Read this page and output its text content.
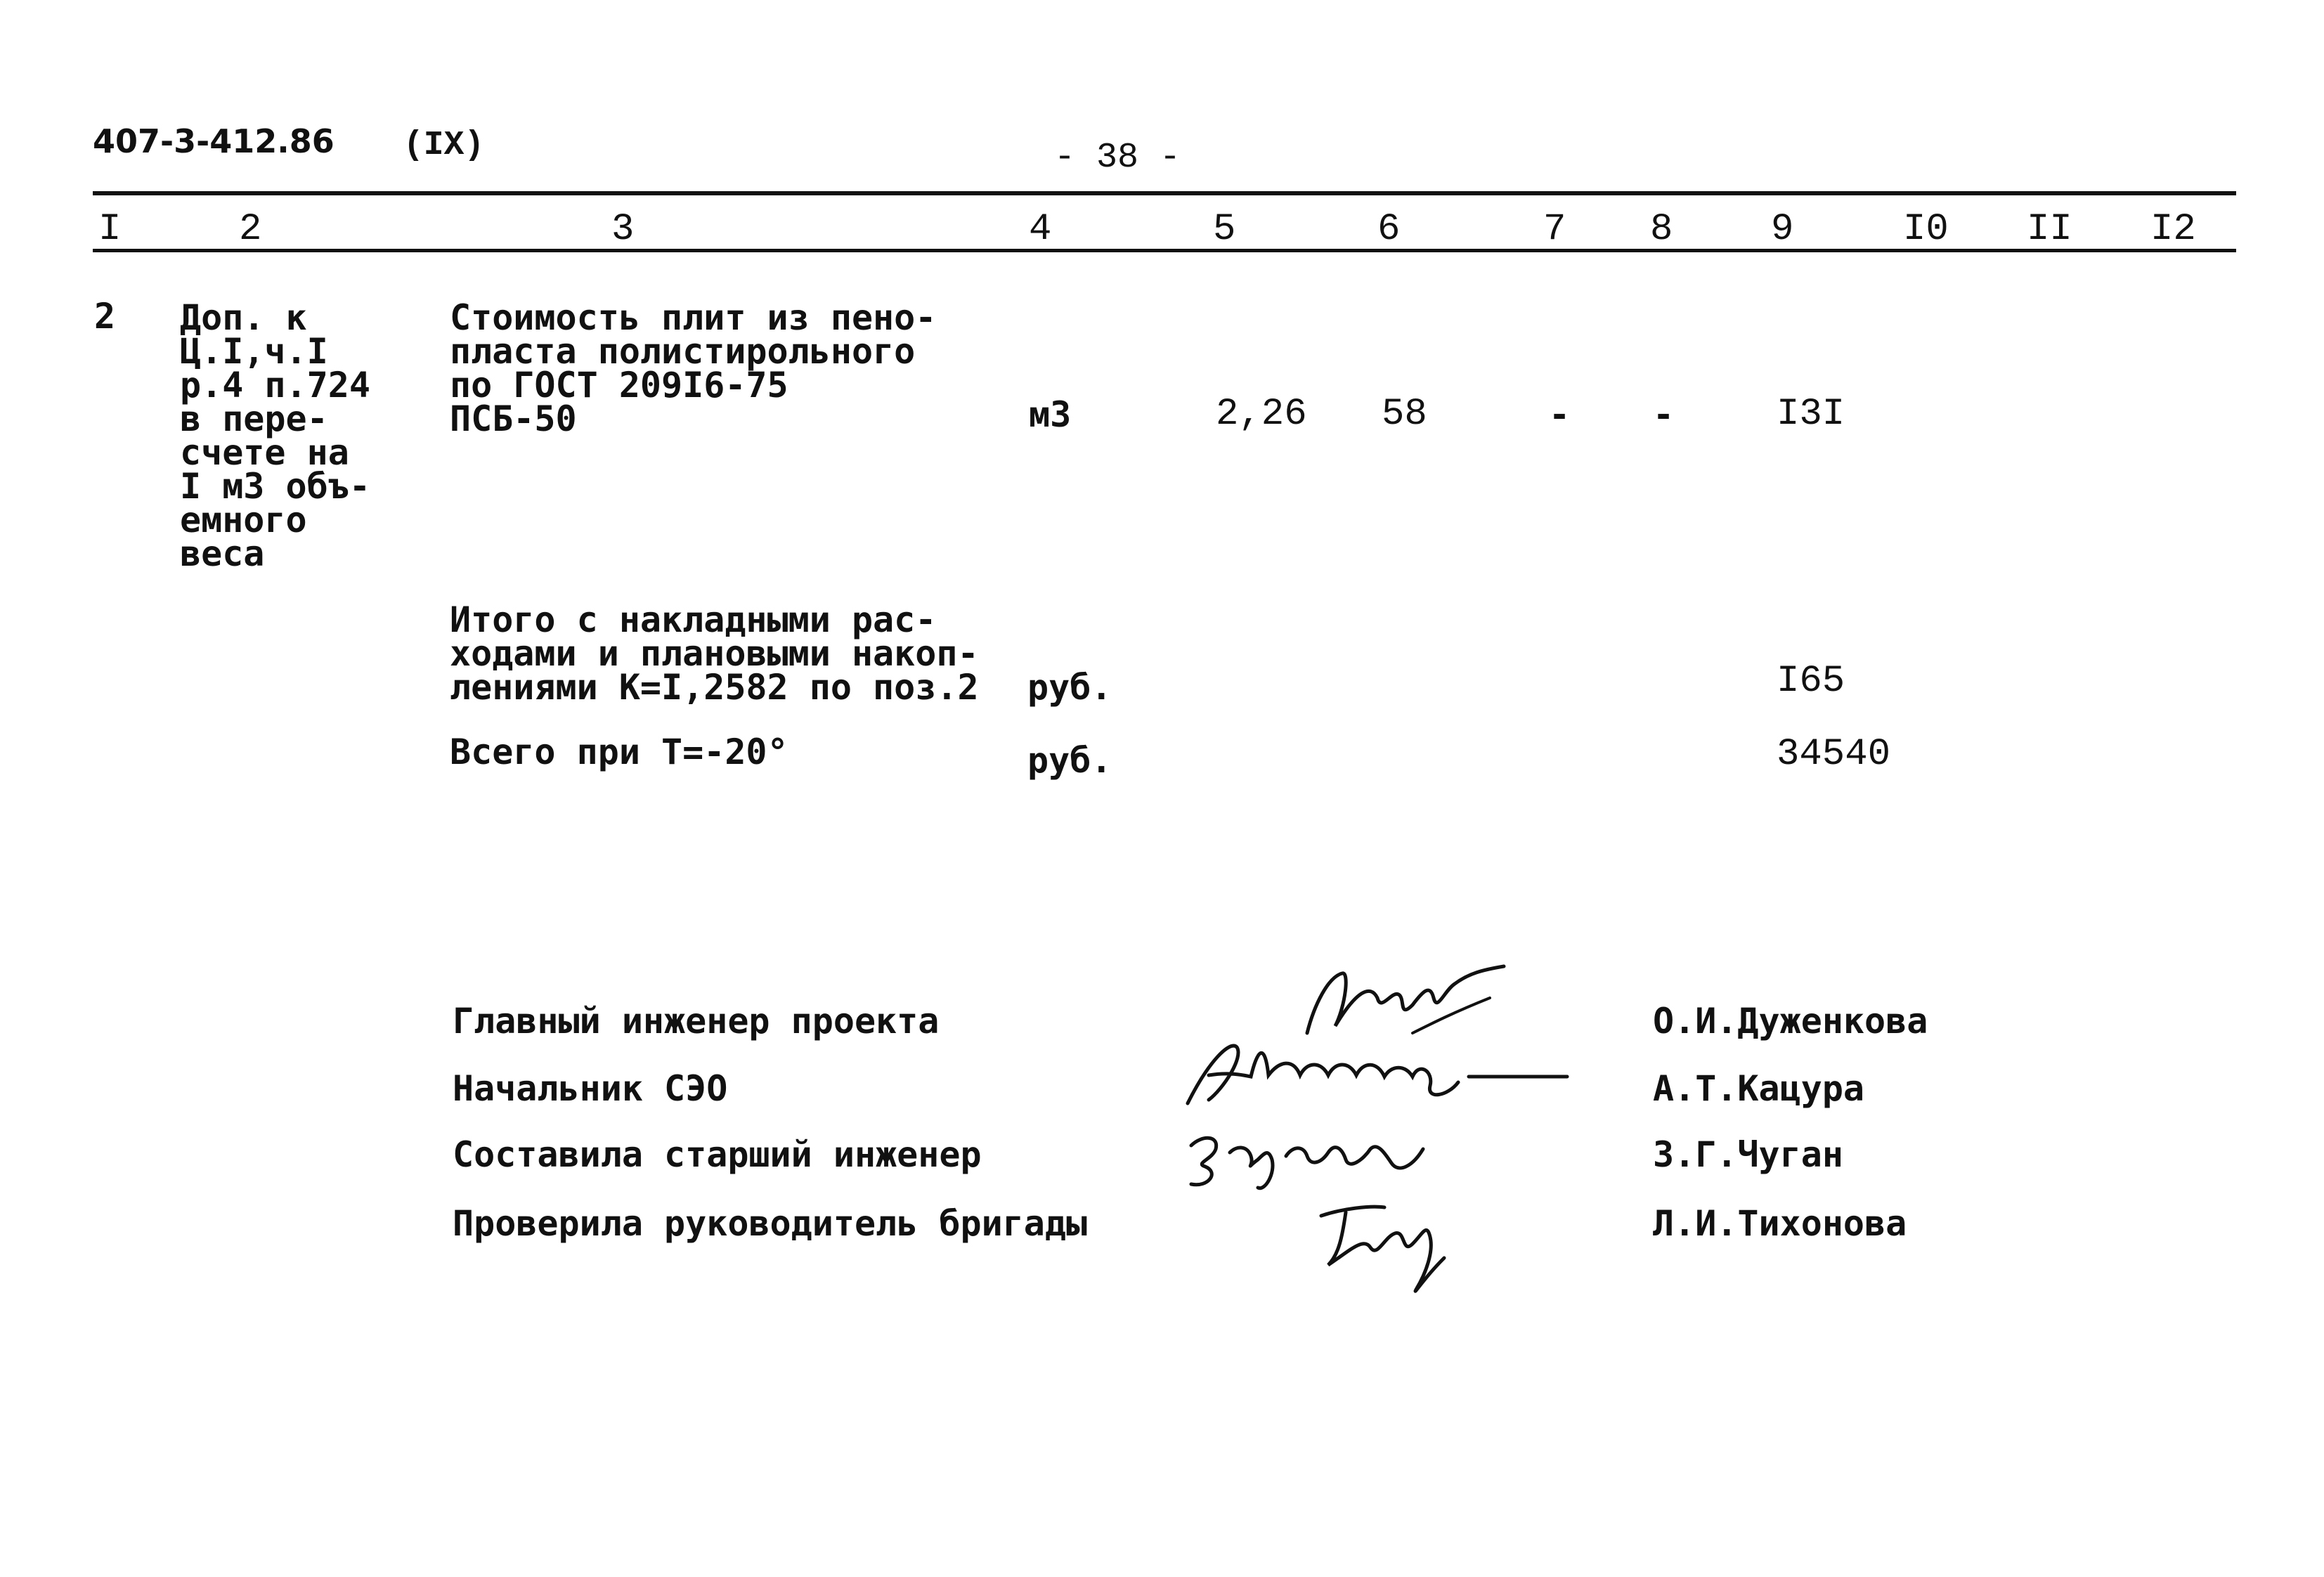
407-3-412.86 (IX)	- 38 -
I	2	3	4	5	6	7 8	9	I0 II I2
2 Доп. к
Ц.I,ч.I
р.4 п.724
в пере-
счете на
I м3 объ-
емного
веса
Стоимость плит из пено-
пласта полистирольного
по ГОСТ 209I6-75
ПСБ-50	м3	2,26 58	- -	I3I
Итого с накладными рас-
ходами и плановыми накоп-
лениями К=I,2582 по поз.2 руб.	I65
Всего при Т=-20°	руб.	34540
Главный инженер проекта
Начальник СЭО
Составила старший инженер
Проверила руководитель бригады
О.И.Дуженкова
А.Т.Кацура
З.Г.Чуган
Л.И.Тихонова
